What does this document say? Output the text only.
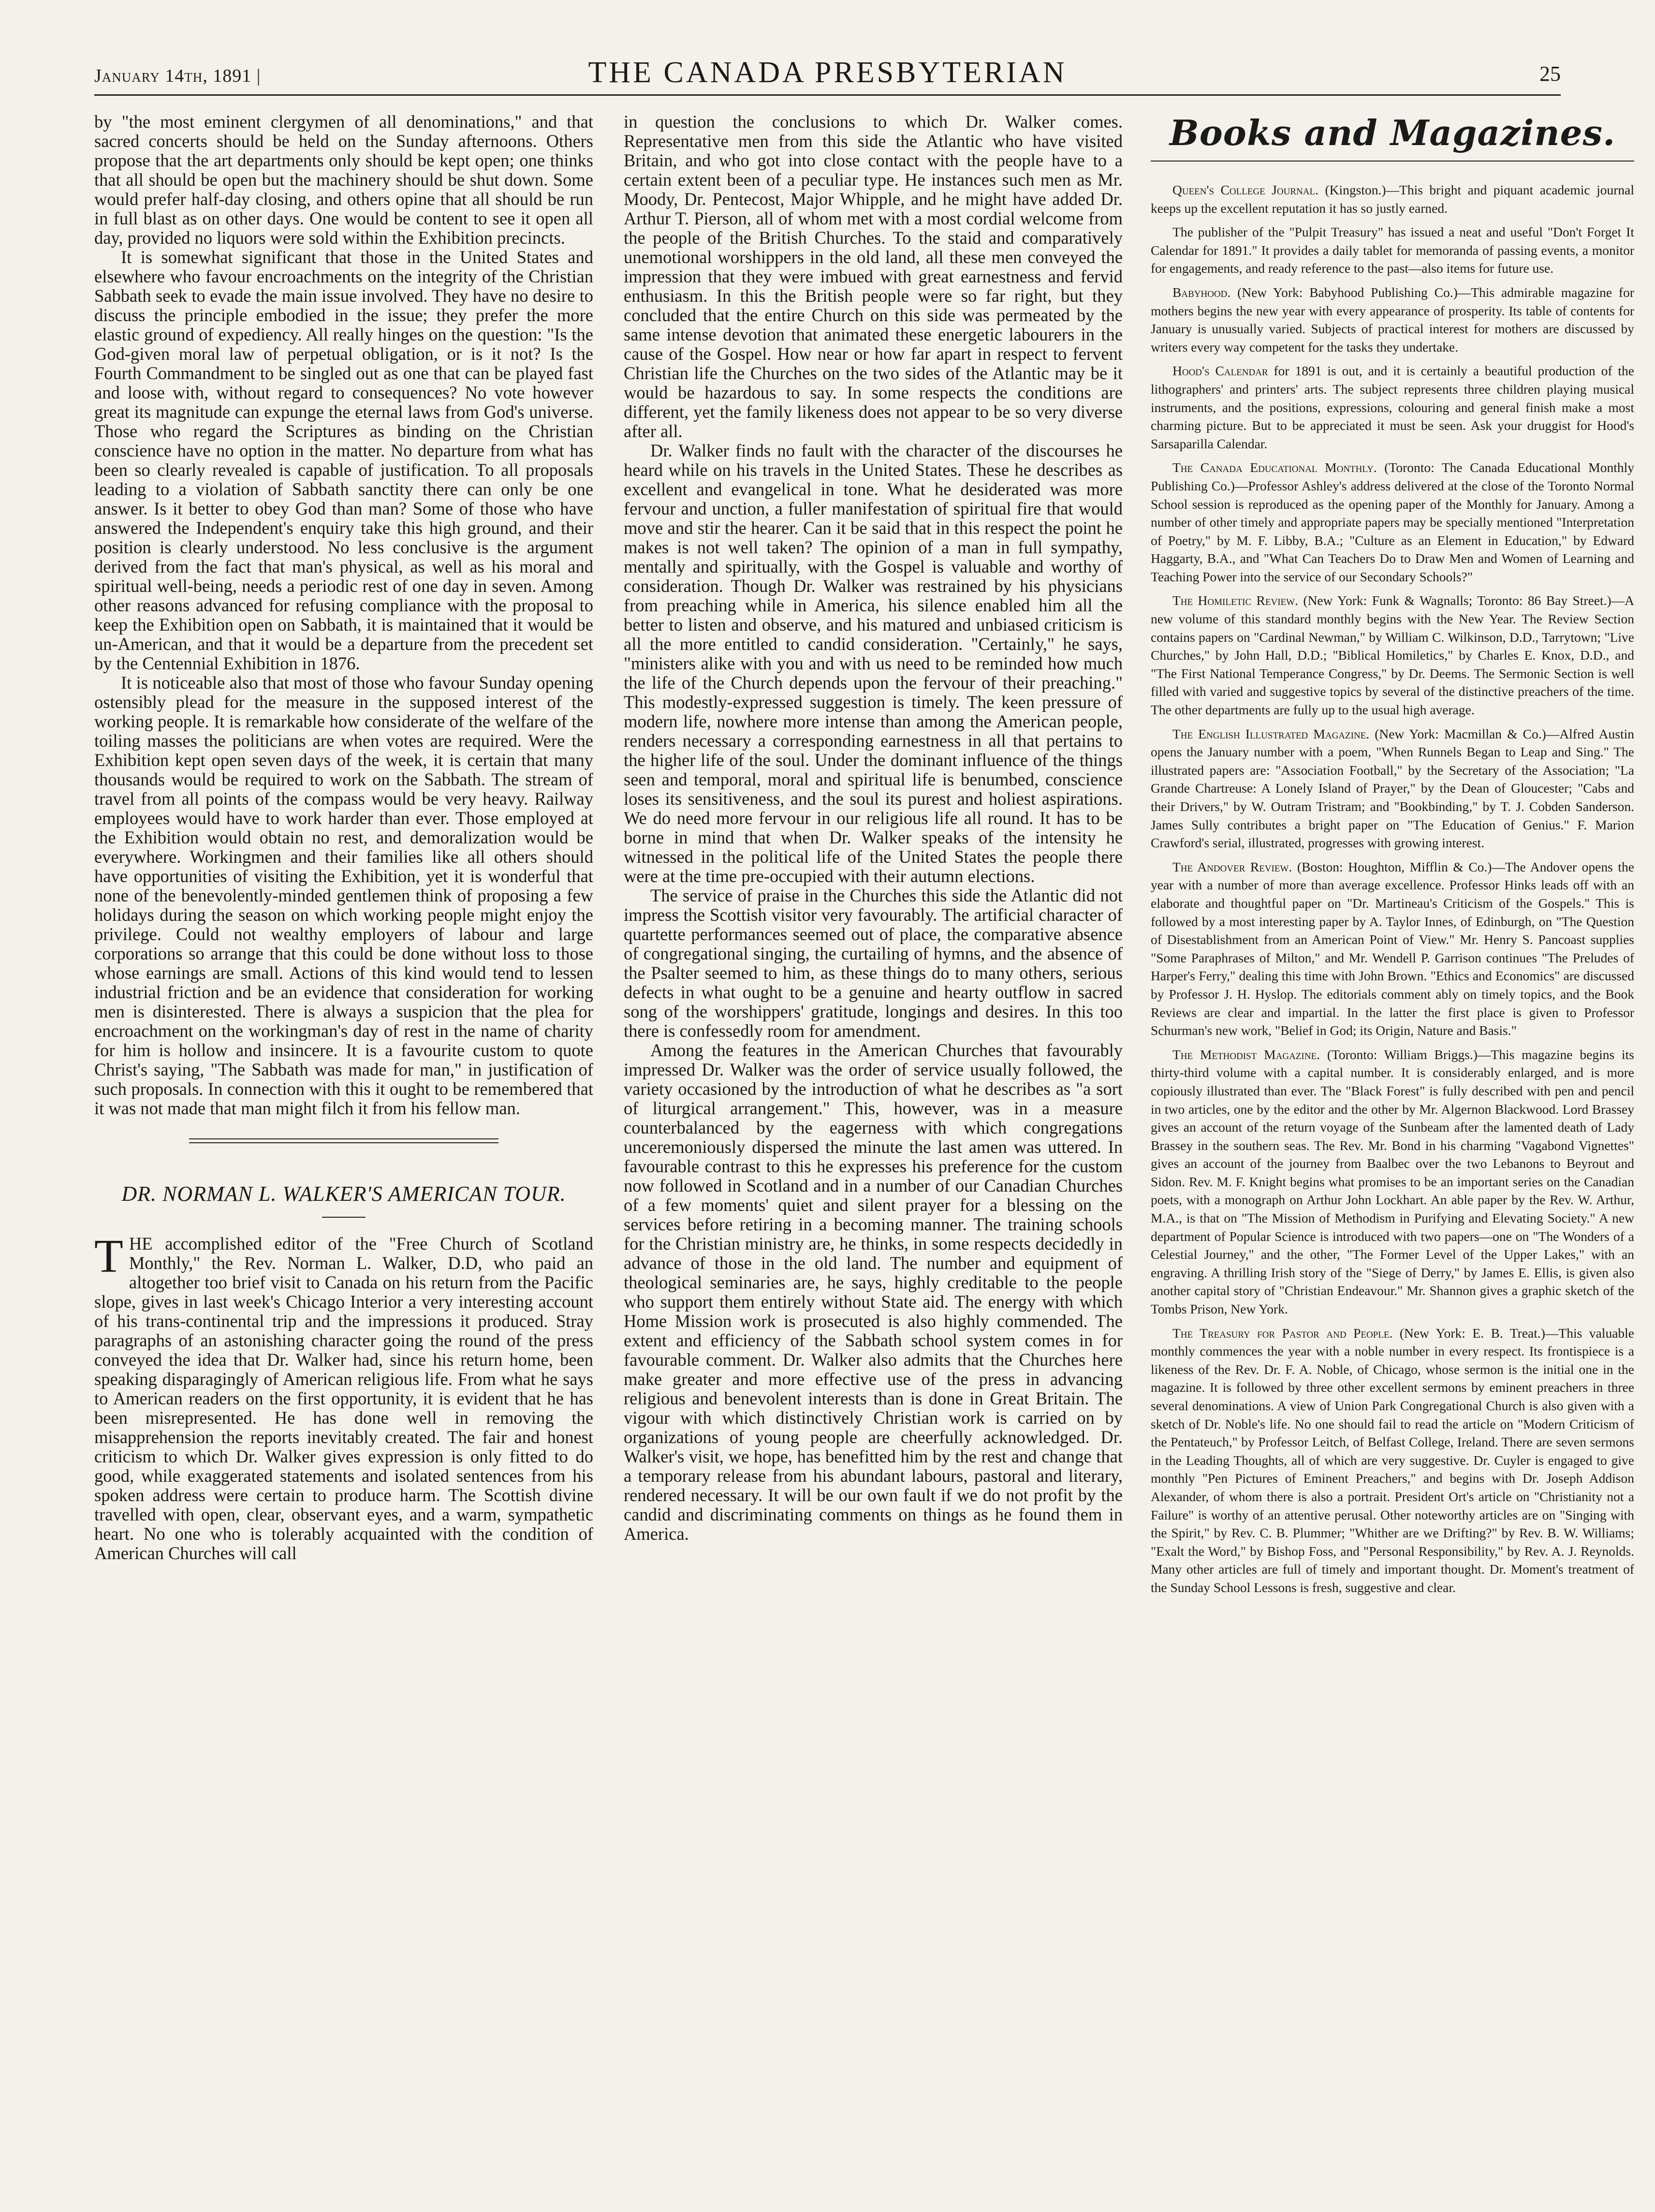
January 14th, 1891 |	THE CANADA PRESBYTERIAN	25

by "the most eminent clergymen of all denominations," and that sacred concerts should be held on the Sunday afternoons. Others propose that the art departments only should be kept open; one thinks that all should be open but the machinery should be shut down. Some would prefer half-day closing, and others opine that all should be run in full blast as on other days. One would be content to see it open all day, provided no liquors were sold within the Exhibition precincts.

It is somewhat significant that those in the United States and elsewhere who favour encroachments on the integrity of the Christian Sabbath seek to evade the main issue involved. They have no desire to discuss the principle embodied in the issue; they prefer the more elastic ground of expediency. All really hinges on the question: "Is the God-given moral law of perpetual obligation, or is it not? Is the Fourth Commandment to be singled out as one that can be played fast and loose with, without regard to consequences? No vote however great its magnitude can expunge the eternal laws from God's universe. Those who regard the Scriptures as binding on the Christian conscience have no option in the matter. No departure from what has been so clearly revealed is capable of justification. To all proposals leading to a violation of Sabbath sanctity there can only be one answer. Is it better to obey God than man? Some of those who have answered the Independent's enquiry take this high ground, and their position is clearly understood. No less conclusive is the argument derived from the fact that man's physical, as well as his moral and spiritual well-being, needs a periodic rest of one day in seven. Among other reasons advanced for refusing compliance with the proposal to keep the Exhibition open on Sabbath, it is maintained that it would be un-American, and that it would be a departure from the precedent set by the Centennial Exhibition in 1876.

It is noticeable also that most of those who favour Sunday opening ostensibly plead for the measure in the supposed interest of the working people. It is remarkable how considerate of the welfare of the toiling masses the politicians are when votes are required. Were the Exhibition kept open seven days of the week, it is certain that many thousands would be required to work on the Sabbath. The stream of travel from all points of the compass would be very heavy. Railway employees would have to work harder than ever. Those employed at the Exhibition would obtain no rest, and demoralization would be everywhere. Workingmen and their families like all others should have opportunities of visiting the Exhibition, yet it is wonderful that none of the benevolently-minded gentlemen think of proposing a few holidays during the season on which working people might enjoy the privilege. Could not wealthy employers of labour and large corporations so arrange that this could be done without loss to those whose earnings are small. Actions of this kind would tend to lessen industrial friction and be an evidence that consideration for working men is disinterested. There is always a suspicion that the plea for encroachment on the workingman's day of rest in the name of charity for him is hollow and insincere. It is a favourite custom to quote Christ's saying, "The Sabbath was made for man," in justification of such proposals. In connection with this it ought to be remembered that it was not made that man might filch it from his fellow man.

DR. NORMAN L. WALKER'S AMERICAN TOUR.

THE accomplished editor of the "Free Church of Scotland Monthly," the Rev. Norman L. Walker, D.D, who paid an altogether too brief visit to Canada on his return from the Pacific slope, gives in last week's Chicago Interior a very interesting account of his trans-continental trip and the impressions it produced. Stray paragraphs of an astonishing character going the round of the press conveyed the idea that Dr. Walker had, since his return home, been speaking disparagingly of American religious life. From what he says to American readers on the first opportunity, it is evident that he has been misrepresented. He has done well in removing the misapprehension the reports inevitably created. The fair and honest criticism to which Dr. Walker gives expression is only fitted to do good, while exaggerated statements and isolated sentences from his spoken address were certain to produce harm. The Scottish divine travelled with open, clear, observant eyes, and a warm, sympathetic heart. No one who is tolerably acquainted with the condition of American Churches will call

in question the conclusions to which Dr. Walker comes. Representative men from this side the Atlantic who have visited Britain, and who got into close contact with the people have to a certain extent been of a peculiar type. He instances such men as Mr. Moody, Dr. Pentecost, Major Whipple, and he might have added Dr. Arthur T. Pierson, all of whom met with a most cordial welcome from the people of the British Churches. To the staid and comparatively unemotional worshippers in the old land, all these men conveyed the impression that they were imbued with great earnestness and fervid enthusiasm. In this the British people were so far right, but they concluded that the entire Church on this side was permeated by the same intense devotion that animated these energetic labourers in the cause of the Gospel. How near or how far apart in respect to fervent Christian life the Churches on the two sides of the Atlantic may be it would be hazardous to say. In some respects the conditions are different, yet the family likeness does not appear to be so very diverse after all.

Dr. Walker finds no fault with the character of the discourses he heard while on his travels in the United States. These he describes as excellent and evangelical in tone. What he desiderated was more fervour and unction, a fuller manifestation of spiritual fire that would move and stir the hearer. Can it be said that in this respect the point he makes is not well taken? The opinion of a man in full sympathy, mentally and spiritually, with the Gospel is valuable and worthy of consideration. Though Dr. Walker was restrained by his physicians from preaching while in America, his silence enabled him all the better to listen and observe, and his matured and unbiased criticism is all the more entitled to candid consideration. "Certainly," he says, "ministers alike with you and with us need to be reminded how much the life of the Church depends upon the fervour of their preaching." This modestly-expressed suggestion is timely. The keen pressure of modern life, nowhere more intense than among the American people, renders necessary a corresponding earnestness in all that pertains to the higher life of the soul. Under the dominant influence of the things seen and temporal, moral and spiritual life is benumbed, conscience loses its sensitiveness, and the soul its purest and holiest aspirations. We do need more fervour in our religious life all round. It has to be borne in mind that when Dr. Walker speaks of the intensity he witnessed in the political life of the United States the people there were at the time pre-occupied with their autumn elections.

The service of praise in the Churches this side the Atlantic did not impress the Scottish visitor very favourably. The artificial character of quartette performances seemed out of place, the comparative absence of congregational singing, the curtailing of hymns, and the absence of the Psalter seemed to him, as these things do to many others, serious defects in what ought to be a genuine and hearty outflow in sacred song of the worshippers' gratitude, longings and desires. In this too there is confessedly room for amendment.

Among the features in the American Churches that favourably impressed Dr. Walker was the order of service usually followed, the variety occasioned by the introduction of what he describes as "a sort of liturgical arrangement." This, however, was in a measure counterbalanced by the eagerness with which congregations unceremoniously dispersed the minute the last amen was uttered. In favourable contrast to this he expresses his preference for the custom now followed in Scotland and in a number of our Canadian Churches of a few moments' quiet and silent prayer for a blessing on the services before retiring in a becoming manner. The training schools for the Christian ministry are, he thinks, in some respects decidedly in advance of those in the old land. The number and equipment of theological seminaries are, he says, highly creditable to the people who support them entirely without State aid. The energy with which Home Mission work is prosecuted is also highly commended. The extent and efficiency of the Sabbath school system comes in for favourable comment. Dr. Walker also admits that the Churches here make greater and more effective use of the press in advancing religious and benevolent interests than is done in Great Britain. The vigour with which distinctively Christian work is carried on by organizations of young people are cheerfully acknowledged. Dr. Walker's visit, we hope, has benefitted him by the rest and change that a temporary release from his abundant labours, pastoral and literary, rendered necessary. It will be our own fault if we do not profit by the candid and discriminating comments on things as he found them in America.

Books and Magazines.

Queen's College Journal. (Kingston.)—This bright and piquant academic journal keeps up the excellent reputation it has so justly earned.

The publisher of the "Pulpit Treasury" has issued a neat and useful "Don't Forget It Calendar for 1891." It provides a daily tablet for memoranda of passing events, a monitor for engagements, and ready reference to the past—also items for future use.

Babyhood. (New York: Babyhood Publishing Co.)—This admirable magazine for mothers begins the new year with every appearance of prosperity. Its table of contents for January is unusually varied. Subjects of practical interest for mothers are discussed by writers every way competent for the tasks they undertake.

Hood's Calendar for 1891 is out, and it is certainly a beautiful production of the lithographers' and printers' arts. The subject represents three children playing musical instruments, and the positions, expressions, colouring and general finish make a most charming picture. But to be appreciated it must be seen. Ask your druggist for Hood's Sarsaparilla Calendar.

The Canada Educational Monthly. (Toronto: The Canada Educational Monthly Publishing Co.)—Professor Ashley's address delivered at the close of the Toronto Normal School session is reproduced as the opening paper of the Monthly for January. Among a number of other timely and appropriate papers may be specially mentioned "Interpretation of Poetry," by M. F. Libby, B.A.; "Culture as an Element in Education," by Edward Haggarty, B.A., and "What Can Teachers Do to Draw Men and Women of Learning and Teaching Power into the service of our Secondary Schools?"

The Homiletic Review. (New York: Funk & Wagnalls; Toronto: 86 Bay Street.)—A new volume of this standard monthly begins with the New Year. The Review Section contains papers on "Cardinal Newman," by William C. Wilkinson, D.D., Tarrytown; "Live Churches," by John Hall, D.D.; "Biblical Homiletics," by Charles E. Knox, D.D., and "The First National Temperance Congress," by Dr. Deems. The Sermonic Section is well filled with varied and suggestive topics by several of the distinctive preachers of the time. The other departments are fully up to the usual high average.

The English Illustrated Magazine. (New York: Macmillan & Co.)—Alfred Austin opens the January number with a poem, "When Runnels Began to Leap and Sing." The illustrated papers are: "Association Football," by the Secretary of the Association; "La Grande Chartreuse: A Lonely Island of Prayer," by the Dean of Gloucester; "Cabs and their Drivers," by W. Outram Tristram; and "Bookbinding," by T. J. Cobden Sanderson. James Sully contributes a bright paper on "The Education of Genius." F. Marion Crawford's serial, illustrated, progresses with growing interest.

The Andover Review. (Boston: Houghton, Mifflin & Co.)—The Andover opens the year with a number of more than average excellence. Professor Hinks leads off with an elaborate and thoughtful paper on "Dr. Martineau's Criticism of the Gospels." This is followed by a most interesting paper by A. Taylor Innes, of Edinburgh, on "The Question of Disestablishment from an American Point of View." Mr. Henry S. Pancoast supplies "Some Paraphrases of Milton," and Mr. Wendell P. Garrison continues "The Preludes of Harper's Ferry," dealing this time with John Brown. "Ethics and Economics" are discussed by Professor J. H. Hyslop. The editorials comment ably on timely topics, and the Book Reviews are clear and impartial. In the latter the first place is given to Professor Schurman's new work, "Belief in God; its Origin, Nature and Basis."

The Methodist Magazine. (Toronto: William Briggs.)—This magazine begins its thirty-third volume with a capital number. It is considerably enlarged, and is more copiously illustrated than ever. The "Black Forest" is fully described with pen and pencil in two articles, one by the editor and the other by Mr. Algernon Blackwood. Lord Brassey gives an account of the return voyage of the Sunbeam after the lamented death of Lady Brassey in the southern seas. The Rev. Mr. Bond in his charming "Vagabond Vignettes" gives an account of the journey from Baalbec over the two Lebanons to Beyrout and Sidon. Rev. M. F. Knight begins what promises to be an important series on the Canadian poets, with a monograph on Arthur John Lockhart. An able paper by the Rev. W. Arthur, M.A., is that on "The Mission of Methodism in Purifying and Elevating Society." A new department of Popular Science is introduced with two papers—one on "The Wonders of a Celestial Journey," and the other, "The Former Level of the Upper Lakes," with an engraving. A thrilling Irish story of the "Siege of Derry," by James E. Ellis, is given also another capital story of "Christian Endeavour." Mr. Shannon gives a graphic sketch of the Tombs Prison, New York.

The Treasury for Pastor and People. (New York: E. B. Treat.)—This valuable monthly commences the year with a noble number in every respect. Its frontispiece is a likeness of the Rev. Dr. F. A. Noble, of Chicago, whose sermon is the initial one in the magazine. It is followed by three other excellent sermons by eminent preachers in three several denominations. A view of Union Park Congregational Church is also given with a sketch of Dr. Noble's life. No one should fail to read the article on "Modern Criticism of the Pentateuch," by Professor Leitch, of Belfast College, Ireland. There are seven sermons in the Leading Thoughts, all of which are very suggestive. Dr. Cuyler is engaged to give monthly "Pen Pictures of Eminent Preachers," and begins with Dr. Joseph Addison Alexander, of whom there is also a portrait. President Ort's article on "Christianity not a Failure" is worthy of an attentive perusal. Other noteworthy articles are on "Singing with the Spirit," by Rev. C. B. Plummer; "Whither are we Drifting?" by Rev. B. W. Williams; "Exalt the Word," by Bishop Foss, and "Personal Responsibility," by Rev. A. J. Reynolds. Many other articles are full of timely and important thought. Dr. Moment's treatment of the Sunday School Lessons is fresh, suggestive and clear.
